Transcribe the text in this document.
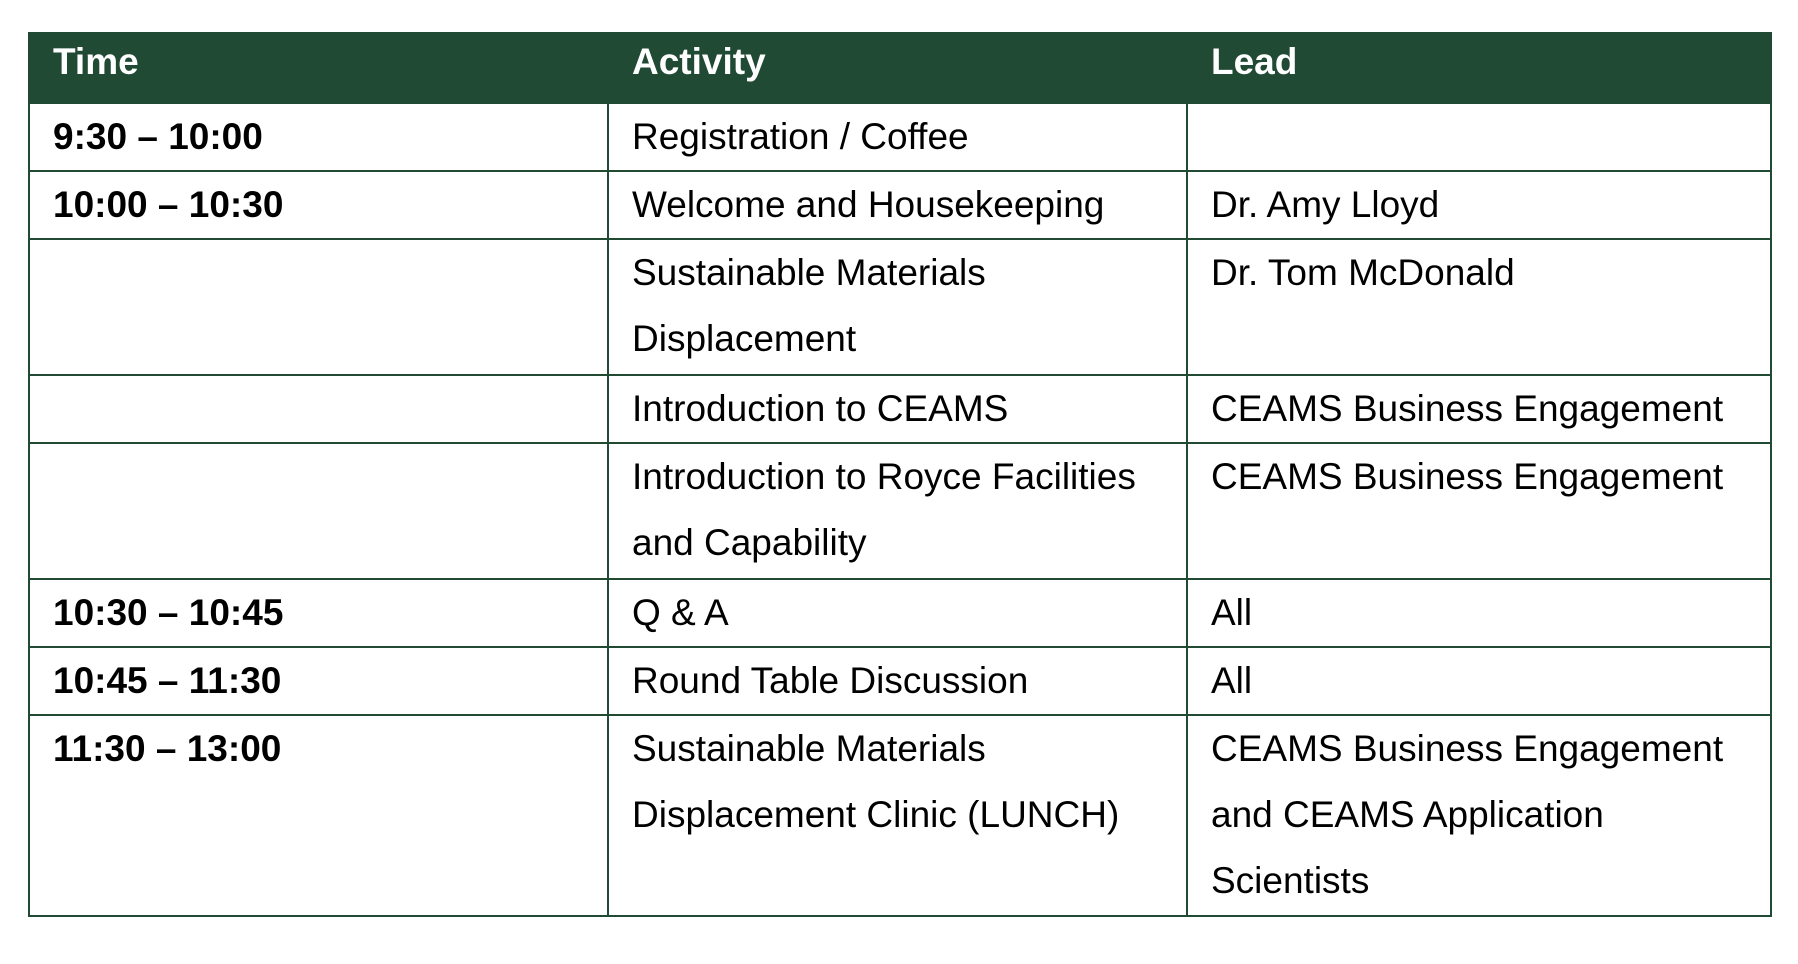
Time	Activity	Lead
9:30 – 10:00	Registration / Coffee	
10:00 – 10:30	Welcome and Housekeeping	Dr. Amy Lloyd
	Sustainable Materials Displacement	Dr. Tom McDonald
	Introduction to CEAMS	CEAMS Business Engagement
	Introduction to Royce Facilities and Capability	CEAMS Business Engagement
10:30 – 10:45	Q & A	All
10:45 – 11:30	Round Table Discussion	All
11:30 – 13:00	Sustainable Materials Displacement Clinic (LUNCH)	CEAMS Business Engagement and CEAMS Application Scientists
